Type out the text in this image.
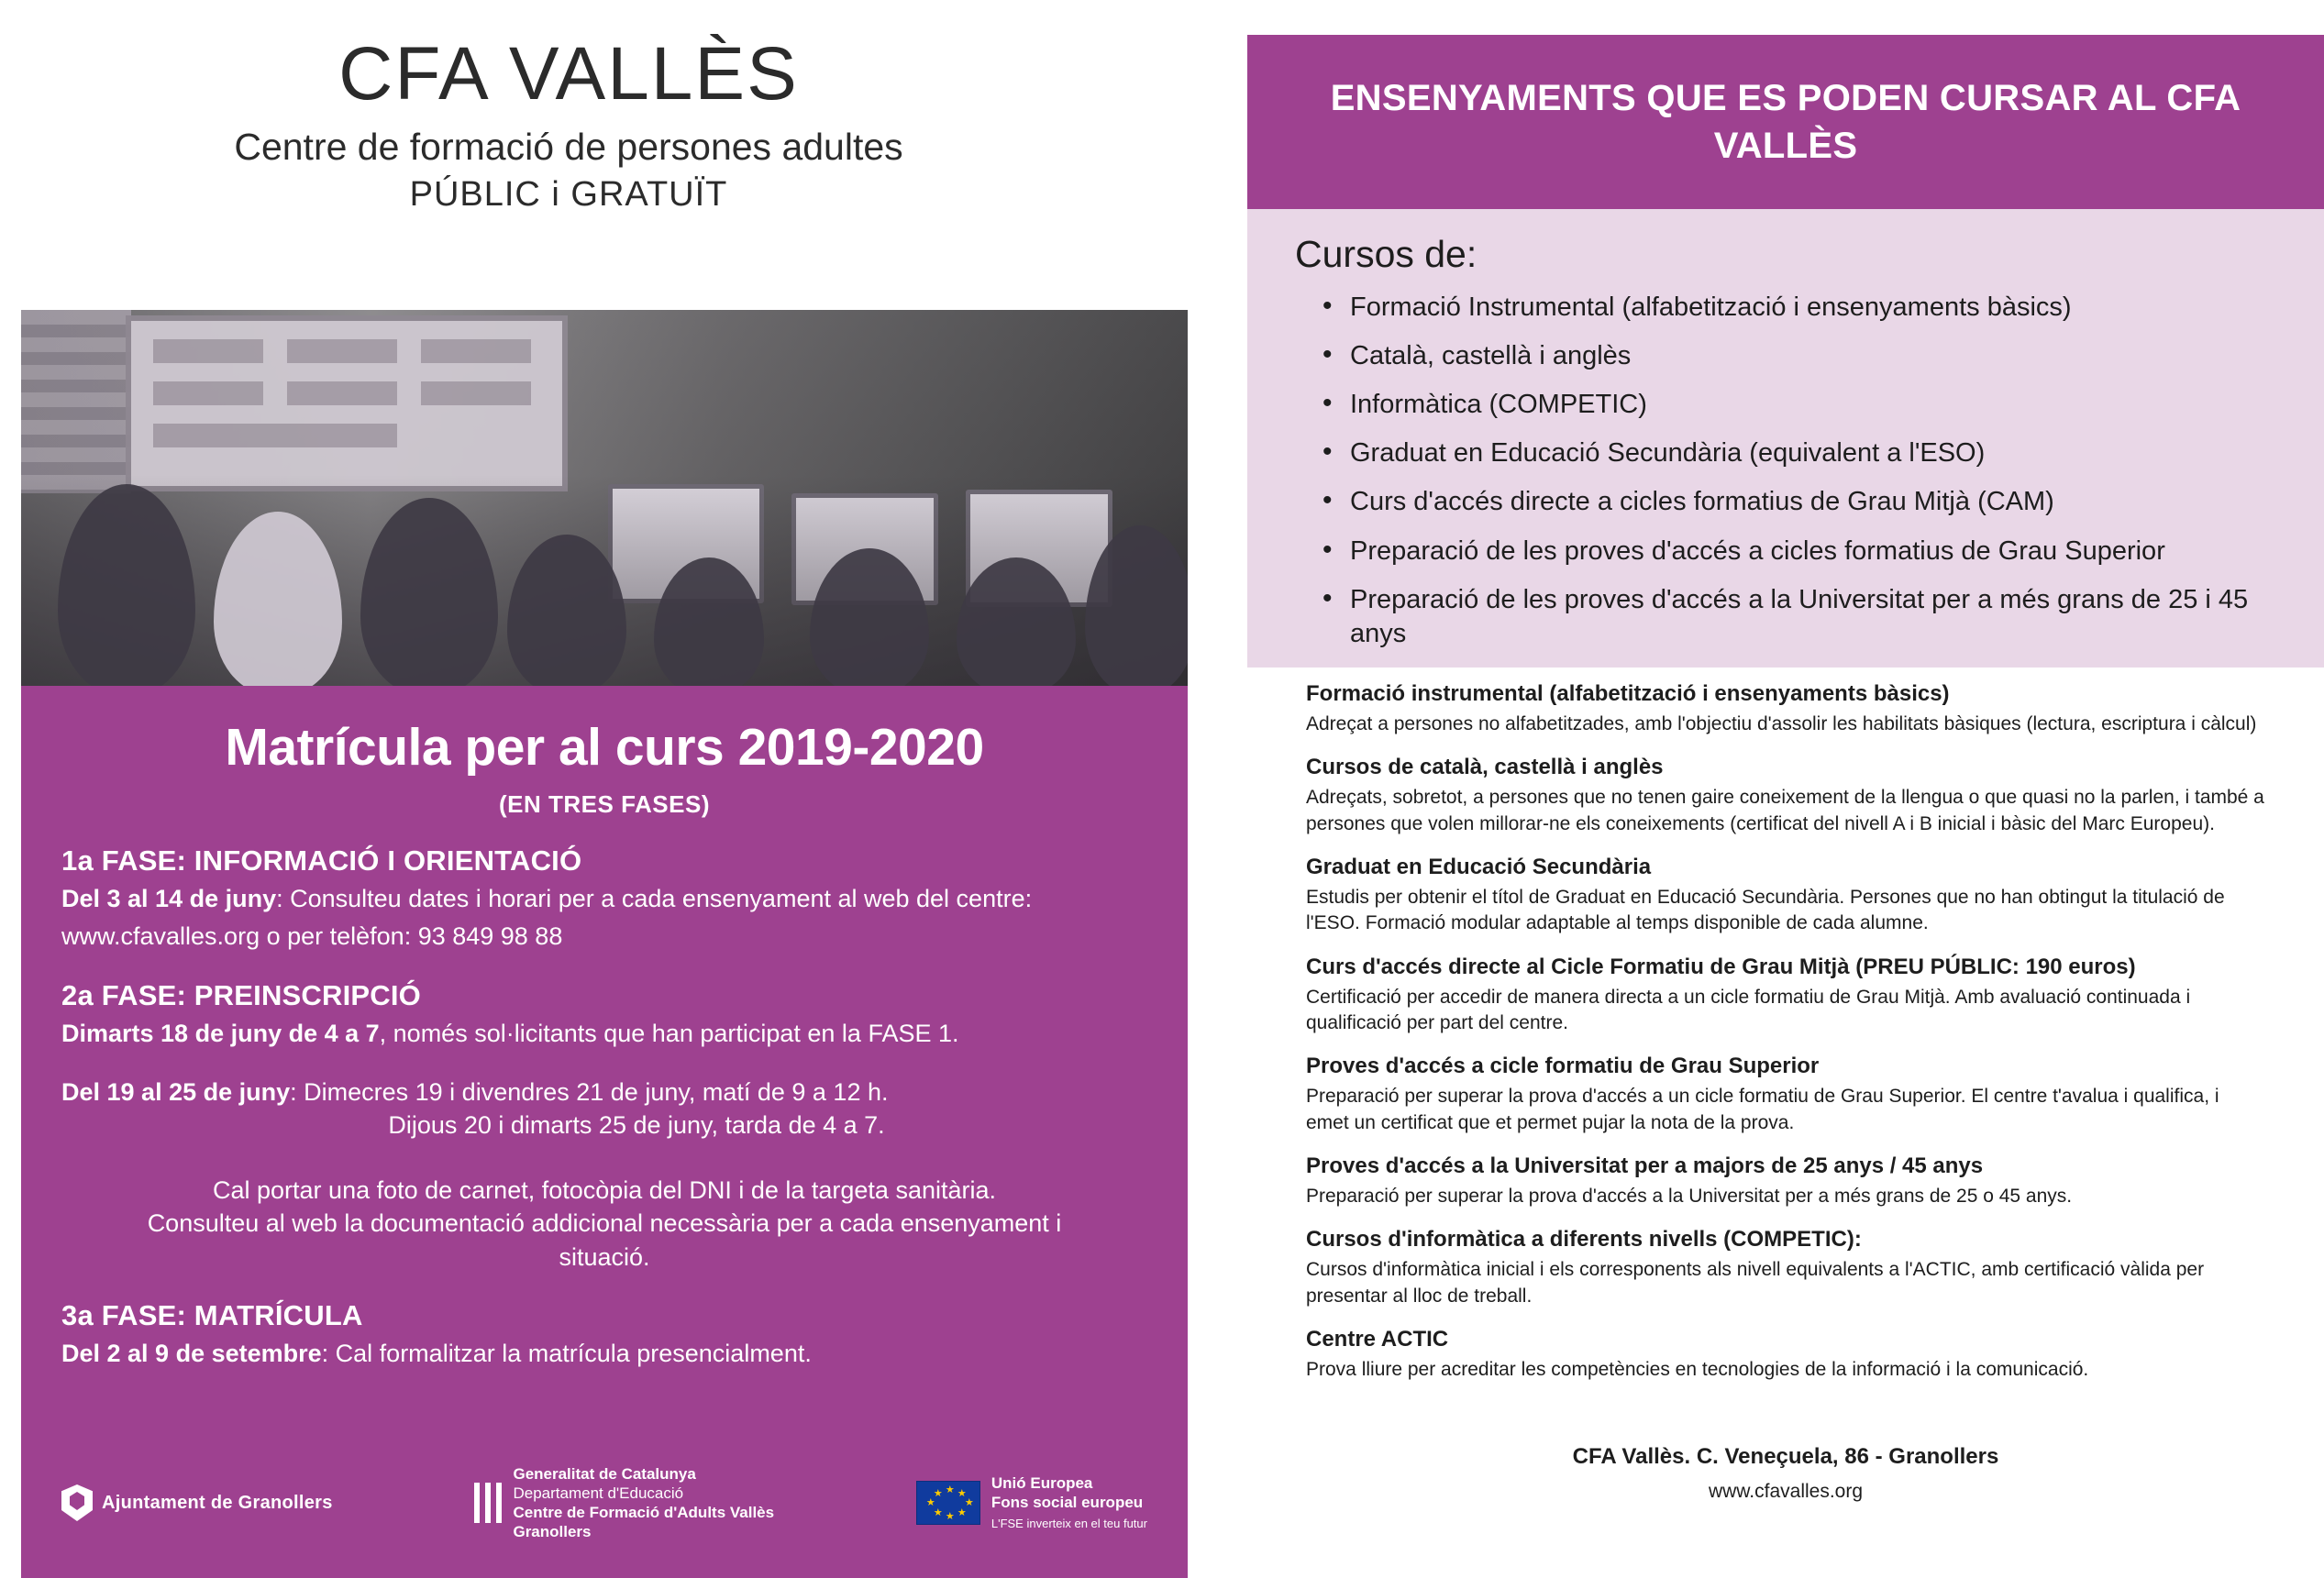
CFA VALLÈS
Centre de formació de persones adultes
PÚBLIC i GRATUÏT
Matrícula per al curs 2019-2020
(EN TRES FASES)
1a FASE: INFORMACIÓ I ORIENTACIÓ
Del 3 al 14 de juny: Consulteu dates i horari per a cada ensenyament al web del centre:
www.cfavalles.org o per telèfon: 93 849 98 88
2a FASE: PREINSCRIPCIÓ
Dimarts 18 de juny de 4 a 7, només sol·licitants que han participat en la FASE 1.
Del 19 al 25 de juny: Dimecres 19 i divendres 21 de juny, matí de 9 a 12 h.
Dijous 20 i dimarts 25 de juny, tarda de 4 a 7.
Cal portar una foto de carnet, fotocòpia del DNI i de la targeta sanitària.
Consulteu al web la documentació addicional necessària per a cada ensenyament i
situació.
3a FASE: MATRÍCULA
Del 2 al 9 de setembre: Cal formalitzar la matrícula presencialment.
Ajuntament de Granollers
Generalitat de Catalunya
Departament d'Educació
Centre de Formació d'Adults Vallès
Granollers
★ ★
★
★
★
★
★
★
Unió Europea
Fons social europeu
L'FSE inverteix en el teu futur
ENSENYAMENTS QUE ES PODEN CURSAR AL CFA VALLÈS
Cursos de:
• Formació Instrumental (alfabetització i ensenyaments bàsics)
• Català, castellà i anglès
• Informàtica (COMPETIC)
• Graduat en Educació Secundària (equivalent a l'ESO)
• Curs d'accés directe a cicles formatius de Grau Mitjà (CAM)
• Preparació de les proves d'accés a cicles formatius de Grau Superior
• Preparació de les proves d'accés a la Universitat per a més grans de 25 i 45 anys
Formació instrumental (alfabetització i ensenyaments bàsics)
Adreçat a persones no alfabetitzades, amb l'objectiu d'assolir les habilitats bàsiques (lectura, escriptura i càlcul)
Cursos de català, castellà i anglès
Adreçats, sobretot, a persones que no tenen gaire coneixement de la llengua o que quasi no la parlen, i també a persones que volen millorar-ne els coneixements (certificat del nivell A i B inicial i bàsic del Marc Europeu).
Graduat en Educació Secundària
Estudis per obtenir el títol de Graduat en Educació Secundària. Persones que no han obtingut la titulació de l'ESO. Formació modular adaptable al temps disponible de cada alumne.
Curs d'accés directe al Cicle Formatiu de Grau Mitjà (PREU PÚBLIC: 190 euros)
Certificació per accedir de manera directa a un cicle formatiu de Grau Mitjà. Amb avaluació continuada i qualificació per part del centre.
Proves d'accés a cicle formatiu de Grau Superior
Preparació per superar la prova d'accés a un cicle formatiu de Grau Superior. El centre t'avalua i qualifica, i emet un certificat que et permet pujar la nota de la prova.
Proves d'accés a la Universitat per a majors de 25 anys / 45 anys
Preparació per superar la prova d'accés a la Universitat per a més grans de 25 o 45 anys.
Cursos d'informàtica a diferents nivells (COMPETIC):
Cursos d'informàtica inicial i els corresponents als nivell equivalents a l'ACTIC, amb certificació vàlida per presentar al lloc de treball.
Centre ACTIC
Prova lliure per acreditar les competències en tecnologies de la informació i la comunicació.
CFA Vallès. C. Veneçuela, 86 - Granollers
www.cfavalles.org
